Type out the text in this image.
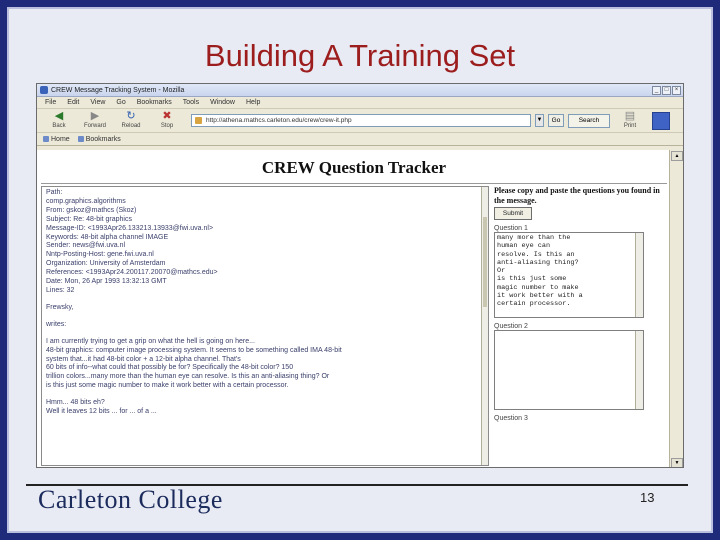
Building A Training Set
CREW Message Tracking System - Mozilla	_	□	×
File Edit View Go Bookmarks Tools Window Help
◀
Back
▶
Forward
↻
Reload
✖
Stop
http://athena.mathcs.carleton.edu/crew/crew-it.php	▼	Go	Search	▤
Print
Home Bookmarks
CREW Question Tracker
Path:
comp.graphics.algorithms
From: gskoz@mathcs (Skoz)
Subject: Re: 48-bit graphics
Message-ID: <1993Apr26.133213.13933@fwi.uva.nl>
Keywords: 48-bit alpha channel IMAGE
Sender: news@fwi.uva.nl
Nntp-Posting-Host: gene.fwi.uva.nl
Organization: University of Amsterdam
References: <1993Apr24.200117.20070@mathcs.edu>
Date: Mon, 26 Apr 1993 13:32:13 GMT
Lines: 32
Frewsky,
writes:
I am currently trying to get a grip on what the hell is going on here...
48-bit graphics: computer image processing system. It seems to be something called IMA 48-bit
system that...it had 48-bit color + a 12-bit alpha channel. That's
60 bits of info--what could that possibly be for? Specifically the 48-bit color? 150
trillion colors...many more than the human eye can resolve. Is this an anti-aliasing thing? Or
is this just some magic number to make it work better with a certain processor.
Hmm... 48 bits eh?
Well it leaves 12 bits ... for ... of a ...
Please copy and paste the questions you found in the message.
Submit
Question 1
many more than the
human eye can
resolve. Is this an
anti-aliasing thing?
Or
is this just some
magic number to make
it work better with a
certain processor.
Question 2
Question 3
▲
▼
Carleton College	13
